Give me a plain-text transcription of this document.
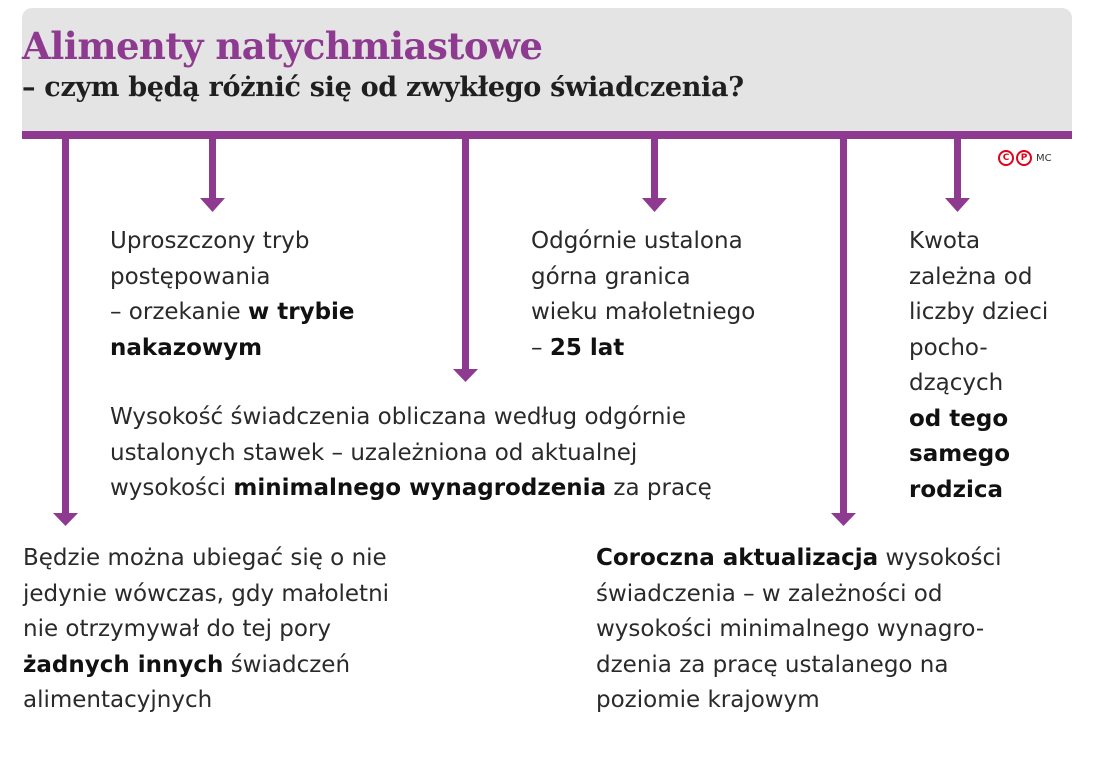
Alimenty natychmiastowe
– czym będą różnić się od zwykłego świadczenia?
C	P MC
Uproszczony tryb
postępowania
– orzekanie w trybie
nakazowym
Odgórnie ustalona
górna granica
wieku małoletniego
– 25 lat
Kwota
zależna od
liczby dzieci
pocho-
dzących
od tego
samego
rodzica
Wysokość świadczenia obliczana według odgórnie
ustalonych stawek – uzależniona od aktualnej
wysokości minimalnego wynagrodzenia za pracę
Będzie można ubiegać się o nie
jedynie wówczas, gdy małoletni
nie otrzymywał do tej pory
żadnych innych świadczeń
alimentacyjnych
Coroczna aktualizacja wysokości
świadczenia – w zależności od
wysokości minimalnego wynagro-
dzenia za pracę ustalanego na
poziomie krajowym
